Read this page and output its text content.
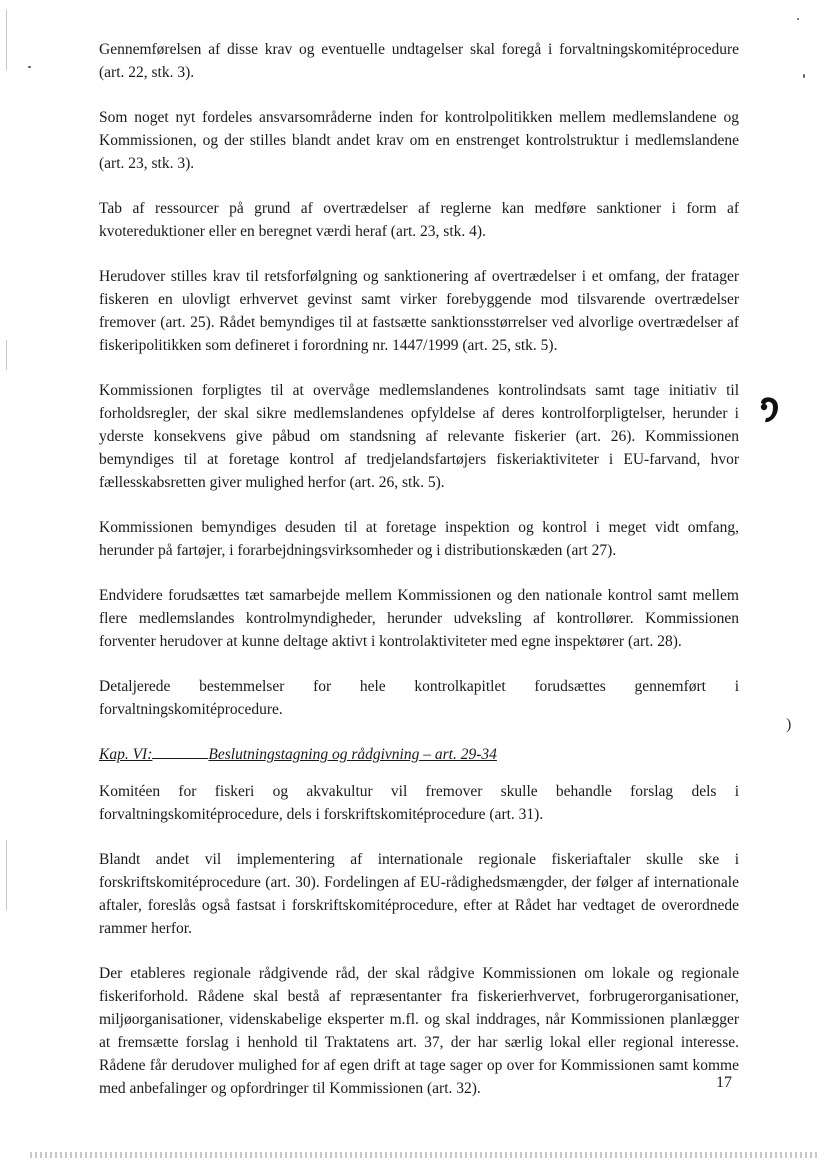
)

Gennemførelsen af disse krav og eventuelle undtagelser skal foregå i forvaltningskomitéprocedure (art. 22, stk. 3).

Som noget nyt fordeles ansvarsområderne inden for kontrolpolitikken mellem medlemslandene og Kommissionen, og der stilles blandt andet krav om en enstrenget kontrolstruktur i medlemslandene (art. 23, stk. 3).

Tab af ressourcer på grund af overtrædelser af reglerne kan medføre sanktioner i form af kvotereduktioner eller en beregnet værdi heraf (art. 23, stk. 4).

Herudover stilles krav til retsforfølgning og sanktionering af overtrædelser i et omfang, der fratager fiskeren en ulovligt erhvervet gevinst samt virker forebyggende mod tilsvarende overtrædelser fremover (art. 25). Rådet bemyndiges til at fastsætte sanktionsstørrelser ved alvorlige overtrædelser af fiskeripolitikken som defineret i forordning nr. 1447/1999 (art. 25, stk. 5).

Kommissionen forpligtes til at overvåge medlemslandenes kontrolindsats samt tage initiativ til forholdsregler, der skal sikre medlemslandenes opfyldelse af deres kontrolforpligtelser, herunder i yderste konsekvens give påbud om standsning af relevante fiskerier (art. 26). Kommissionen bemyndiges til at foretage kontrol af tredjelandsfartøjers fiskeriaktiviteter i EU-farvand, hvor fællesskabsretten giver mulighed herfor (art. 26, stk. 5).

Kommissionen bemyndiges desuden til at foretage inspektion og kontrol i meget vidt omfang, herunder på fartøjer, i forarbejdningsvirksomheder og i distributionskæden (art 27).

Endvidere forudsættes tæt samarbejde mellem Kommissionen og den nationale kontrol samt mellem flere medlemslandes kontrolmyndigheder, herunder udveksling af kontrollører. Kommissionen forventer herudover at kunne deltage aktivt i kontrolaktiviteter med egne inspektører (art. 28).

Detaljerede bestemmelser for hele kontrolkapitlet forudsættes gennemført i forvaltningskomitéprocedure.

Kap. VI:	Beslutningstagning og rådgivning – art. 29-34

Komitéen for fiskeri og akvakultur vil fremover skulle behandle forslag dels i forvaltningskomitéprocedure, dels i forskriftskomitéprocedure (art. 31).

Blandt andet vil implementering af internationale regionale fiskeriaftaler skulle ske i forskriftskomitéprocedure (art. 30). Fordelingen af EU-rådighedsmængder, der følger af internationale aftaler, foreslås også fastsat i forskriftskomitéprocedure, efter at Rådet har vedtaget de overordnede rammer herfor.

Der etableres regionale rådgivende råd, der skal rådgive Kommissionen om lokale og regionale fiskeriforhold. Rådene skal bestå af repræsentanter fra fiskerierhvervet, forbrugerorganisationer, miljøorganisationer, videnskabelige eksperter m.fl. og skal inddrages, når Kommissionen planlægger at fremsætte forslag i henhold til Traktatens art. 37, der har særlig lokal eller regional interesse. Rådene får derudover mulighed for af egen drift at tage sager op over for Kommissionen samt komme med anbefalinger og opfordringer til Kommissionen (art. 32).	17
